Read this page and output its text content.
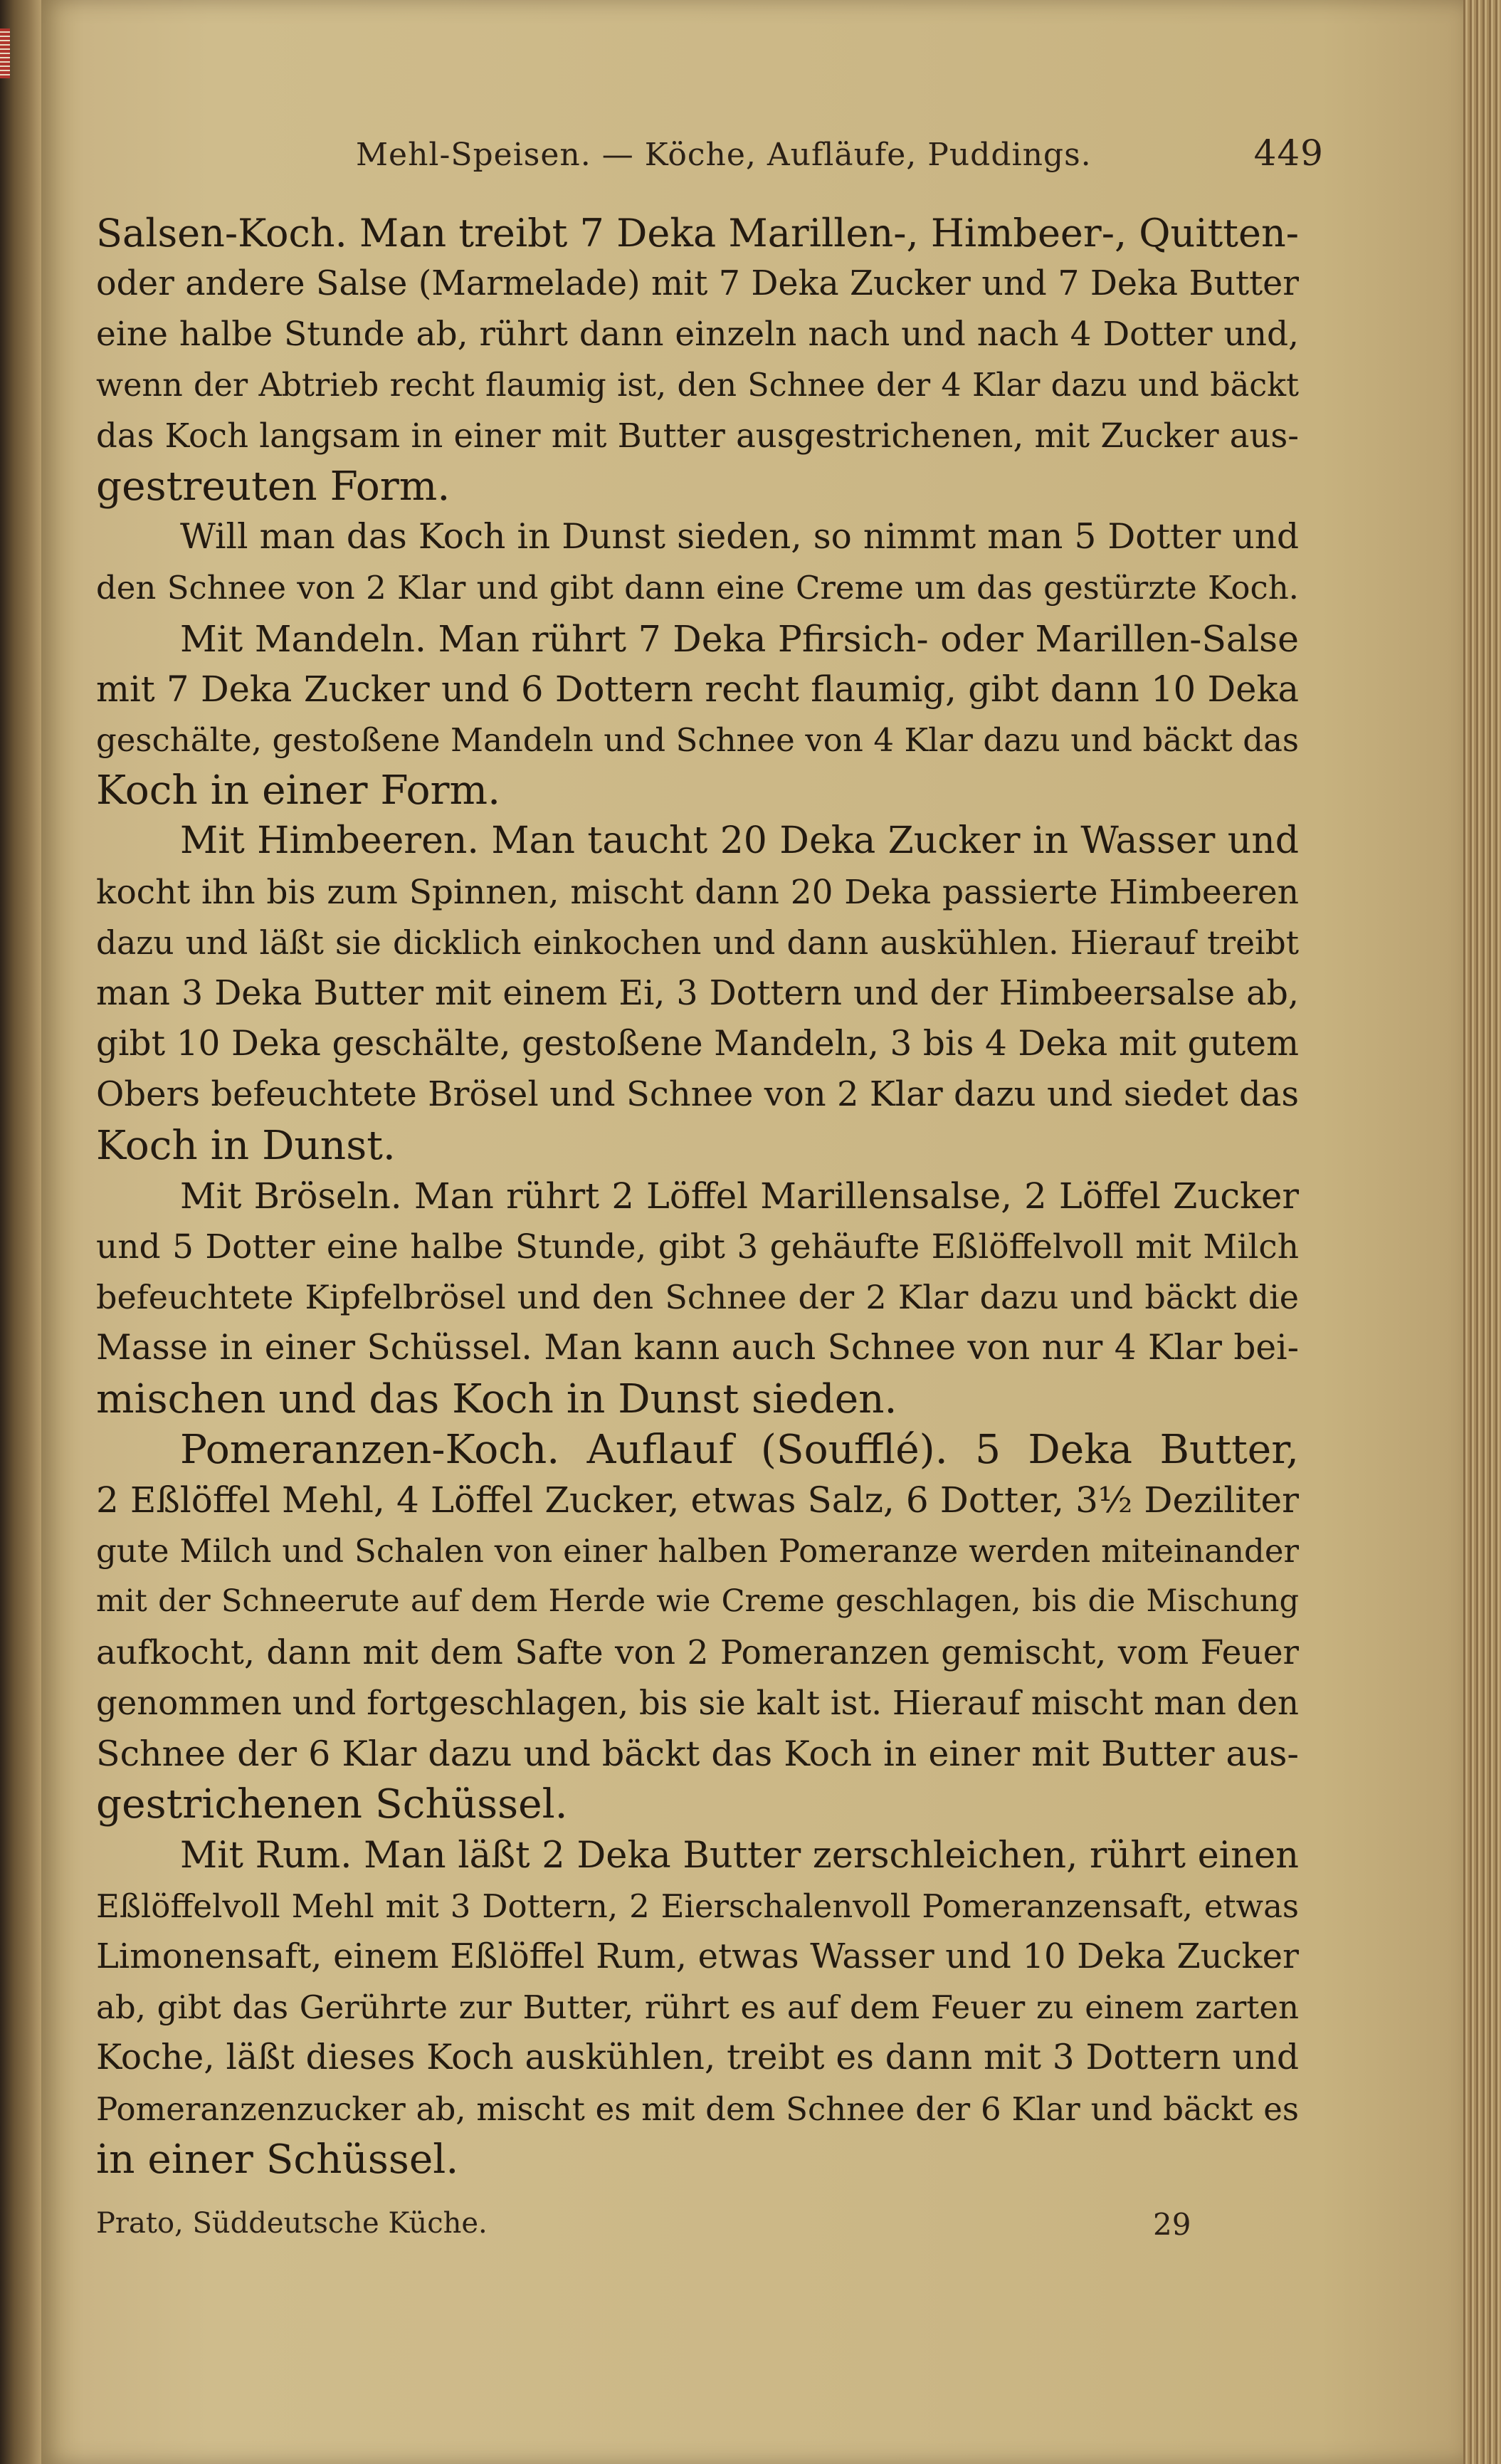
Mehl-Speisen. — Köche, Aufläufe, Puddings.	449
Salsen-Koch. Man treibt 7 Deka Marillen-, Himbeer-, Quitten-
oder andere Salse (Marmelade) mit 7 Deka Zucker und 7 Deka Butter
eine halbe Stunde ab, rührt dann einzeln nach und nach 4 Dotter und,
wenn der Abtrieb recht flaumig ist, den Schnee der 4 Klar dazu und bäckt
das Koch langsam in einer mit Butter ausgestrichenen, mit Zucker aus-
gestreuten Form.
Will man das Koch in Dunst sieden, so nimmt man 5 Dotter und
den Schnee von 2 Klar und gibt dann eine Creme um das gestürzte Koch.
Mit Mandeln. Man rührt 7 Deka Pfirsich- oder Marillen-Salse
mit 7 Deka Zucker und 6 Dottern recht flaumig, gibt dann 10 Deka
geschälte, gestoßene Mandeln und Schnee von 4 Klar dazu und bäckt das
Koch in einer Form.
Mit Himbeeren. Man taucht 20 Deka Zucker in Wasser und
kocht ihn bis zum Spinnen, mischt dann 20 Deka passierte Himbeeren
dazu und läßt sie dicklich einkochen und dann auskühlen. Hierauf treibt
man 3 Deka Butter mit einem Ei, 3 Dottern und der Himbeersalse ab,
gibt 10 Deka geschälte, gestoßene Mandeln, 3 bis 4 Deka mit gutem
Obers befeuchtete Brösel und Schnee von 2 Klar dazu und siedet das
Koch in Dunst.
Mit Bröseln. Man rührt 2 Löffel Marillensalse, 2 Löffel Zucker
und 5 Dotter eine halbe Stunde, gibt 3 gehäufte Eßlöffelvoll mit Milch
befeuchtete Kipfelbrösel und den Schnee der 2 Klar dazu und bäckt die
Masse in einer Schüssel. Man kann auch Schnee von nur 4 Klar bei-
mischen und das Koch in Dunst sieden.
Pomeranzen-Koch. Auflauf (Soufflé). 5 Deka Butter,
2 Eßlöffel Mehl, 4 Löffel Zucker, etwas Salz, 6 Dotter, 3½ Deziliter
gute Milch und Schalen von einer halben Pomeranze werden miteinander
mit der Schneerute auf dem Herde wie Creme geschlagen, bis die Mischung
aufkocht, dann mit dem Safte von 2 Pomeranzen gemischt, vom Feuer
genommen und fortgeschlagen, bis sie kalt ist. Hierauf mischt man den
Schnee der 6 Klar dazu und bäckt das Koch in einer mit Butter aus-
gestrichenen Schüssel.
Mit Rum. Man läßt 2 Deka Butter zerschleichen, rührt einen
Eßlöffelvoll Mehl mit 3 Dottern, 2 Eierschalenvoll Pomeranzensaft, etwas
Limonensaft, einem Eßlöffel Rum, etwas Wasser und 10 Deka Zucker
ab, gibt das Gerührte zur Butter, rührt es auf dem Feuer zu einem zarten
Koche, läßt dieses Koch auskühlen, treibt es dann mit 3 Dottern und
Pomeranzenzucker ab, mischt es mit dem Schnee der 6 Klar und bäckt es
in einer Schüssel.
Prato, Süddeutsche Küche.	29
